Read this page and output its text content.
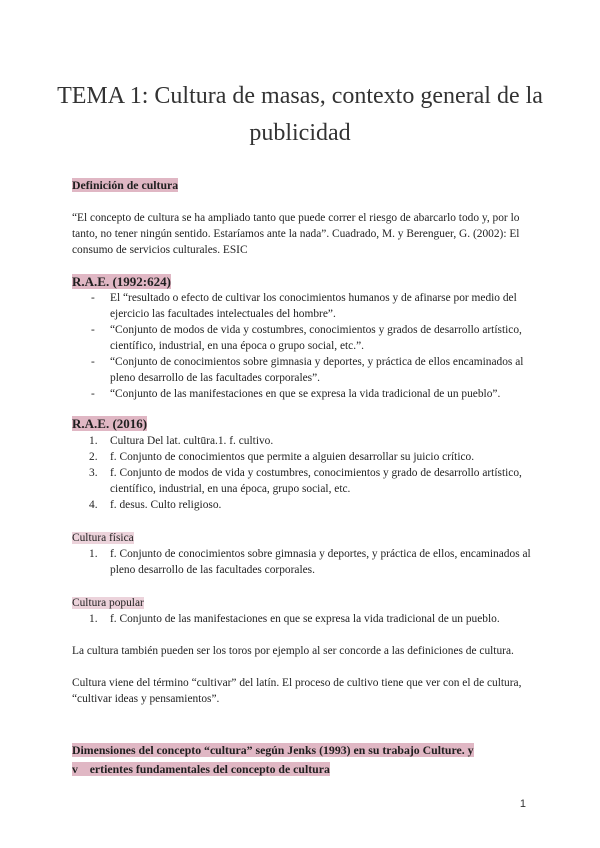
TEMA 1: Cultura de masas, contexto general de la publicidad
Definición de cultura
“El concepto de cultura se ha ampliado tanto que puede correr el riesgo de abarcarlo todo y, por lo tanto, no tener ningún sentido. Estaríamos ante la nada”. Cuadrado, M. y Berenguer, G. (2002): El consumo de servicios culturales. ESIC
R.A.E. (1992:624)
- El “resultado o efecto de cultivar los conocimientos humanos y de afinarse por medio del ejercicio las facultades intelectuales del hombre”.
- “Conjunto de modos de vida y costumbres, conocimientos y grados de desarrollo artístico, científico, industrial, en una época o grupo social, etc.”.
- “Conjunto de conocimientos sobre gimnasia y deportes, y práctica de ellos encaminados al pleno desarrollo de las facultades corporales”.
- “Conjunto de las manifestaciones en que se expresa la vida tradicional de un pueblo”.
R.A.E. (2016)
1. Cultura Del lat. cultūra.1. f. cultivo.
2. f. Conjunto de conocimientos que permite a alguien desarrollar su juicio crítico.
3. f. Conjunto de modos de vida y costumbres, conocimientos y grado de desarrollo artístico, científico, industrial, en una época, grupo social, etc.
4. f. desus. Culto religioso.
Cultura física
1. f. Conjunto de conocimientos sobre gimnasia y deportes, y práctica de ellos, encaminados al pleno desarrollo de las facultades corporales.
Cultura popular
1. f. Conjunto de las manifestaciones en que se expresa la vida tradicional de un pueblo.
La cultura también pueden ser los toros por ejemplo al ser concorde a las definiciones de cultura.
Cultura viene del término “cultivar” del latín. El proceso de cultivo tiene que ver con el de cultura, “cultivar ideas y pensamientos”.
Dimensiones del concepto “cultura” según Jenks (1993) en su trabajo Culture. y
v    ertientes fundamentales del concepto de cultura
1
